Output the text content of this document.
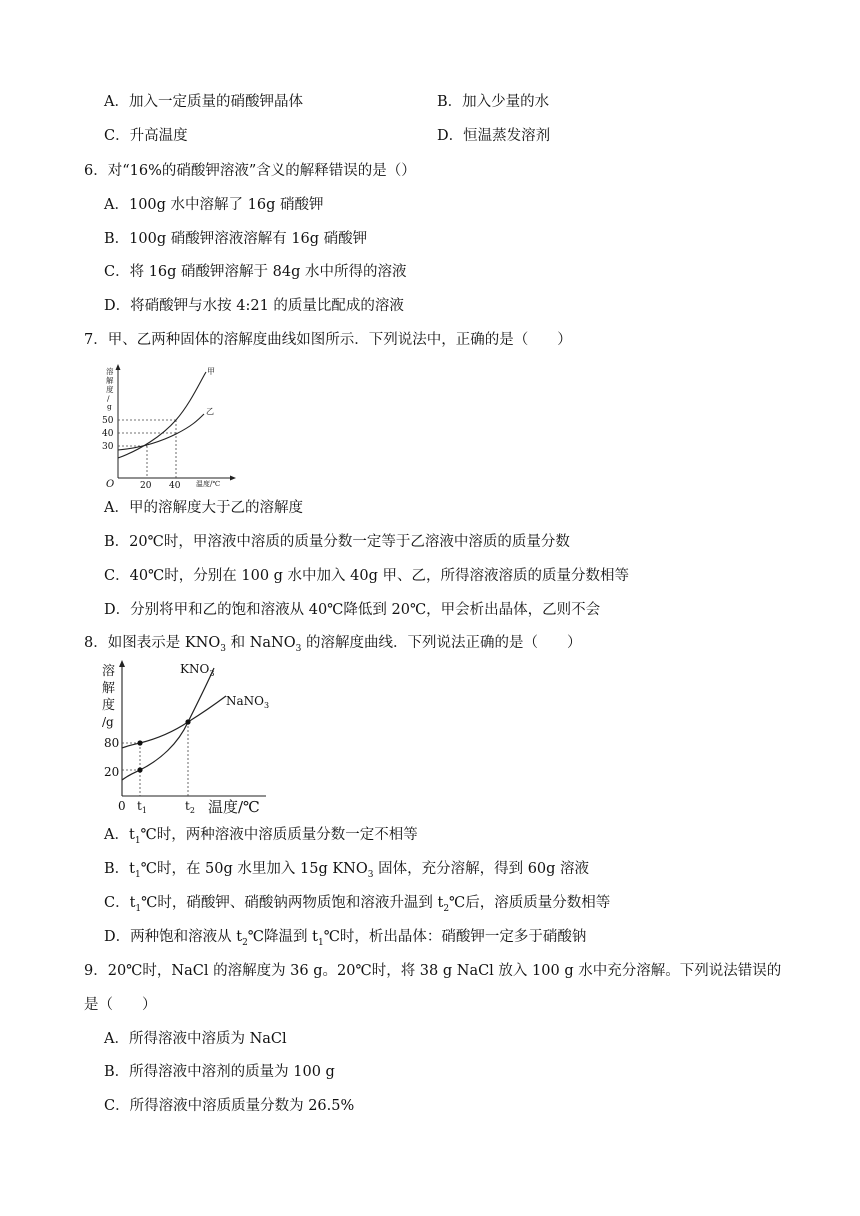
A．加入一定质量的硝酸钾晶体	B．加入少量的水
C．升高温度	D．恒温蒸发溶剂
6．对“16%的硝酸钾溶液”含义的解释错误的是（）
A．100g 水中溶解了 16g 硝酸钾
B．100g 硝酸钾溶液溶解有 16g 硝酸钾
C．将 16g 硝酸钾溶解于 84g 水中所得的溶液
D．将硝酸钾与水按 4:21 的质量比配成的溶液
7．甲、乙两种固体的溶解度曲线如图所示．下列说法中，正确的是（　　）
溶
解
度
/
g
50
40
30
甲
乙
O	20 40 温度/℃
A．甲的溶解度大于乙的溶解度
B．20℃时，甲溶液中溶质的质量分数一定等于乙溶液中溶质的质量分数
C．40℃时，分别在 100 g 水中加入 40g 甲、乙，所得溶液溶质的质量分数相等
D．分别将甲和乙的饱和溶液从 40℃降低到 20℃，甲会析出晶体，乙则不会
8．如图表示是 $KNO_3$ 和 NaNO$_3$ 的溶解度曲线．下列说法正确的是（　　）
溶
解
度
/g
80
20
$KNO_3$
NaNO$_3$
0 $t_1$	$t_2$ 温度/℃
A．$t_1℃$时，两种溶液中溶质质量分数一定不相等
B．$t_1℃$时，在 50g 水里加入 15g $KNO_3$ 固体，充分溶解，得到 60g 溶液
C．$t_1℃$时，硝酸钾、硝酸钠两物质饱和溶液升温到 $t_2℃$后，溶质质量分数相等
D．两种饱和溶液从 $t_2℃$降温到 $t_1℃$时，析出晶体：硝酸钾一定多于硝酸钠
9．20℃时，NaCl 的溶解度为 36 g。20℃时，将 38 g NaCl 放入 100 g 水中充分溶解。下列说法错误的
是（　　）
A．所得溶液中溶质为 NaCl
B．所得溶液中溶剂的质量为 100 g
C．所得溶液中溶质质量分数为 26.5%
